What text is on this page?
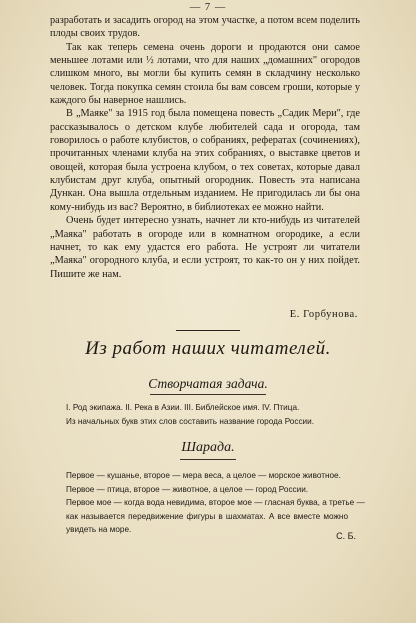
— 7 —

разработать и засадить огород на этом участке, а потом всем поделить плоды своих трудов.

Так как теперь семена очень дороги и продаются они самое меньшее лотами или ½ лотами, что для наших „домашних" огородов слишком много, вы могли бы купить семян в складчину несколько человек. Тогда покупка семян стоила бы вам совсем гроши, которые у каждого бы наверное нашлись.

В „Маяке" за 1915 год была помещена повесть „Садик Мери", где рассказывалось о детском клубе любителей сада и огорода, там говорилось о работе клубистов, о собраниях, рефератах (сочинениях), прочитанных членами клуба на этих собраниях, о выставке цветов и овощей, которая была устроена клубом, о тех советах, которые давал клубистам друг клуба, опытный огородник. Повесть эта написана Дункан. Она вышла отдельным изданием. Не пригодилась ли бы она кому-нибудь из вас? Вероятно, в библиотеках ее можно найти.

Очень будет интересно узнать, начнет ли кто-нибудь из читателей „Маяка" работать в огороде или в комнатном огородике, а если начнет, то как ему удастся его работа. Не устроят ли читатели „Маяка" огородного клуба, и если устроят, то как-то он у них пойдет. Пишите же нам.

Е. Горбунова.
Из работ наших читателей.
Створчатая задача.
I. Род экипажа. II. Река в Азии. III. Библейское имя. IV. Птица.
Из начальных букв этих слов составить название города России.
Шарада.
Первое — кушанье, второе — мера веса, а целое — морское животное.
Первое — птица, второе — животное, а целое — город России.
Первое мое — когда вода невидима, второе мое — гласная буква, а третье —
как называется передвижение фигуры в шахматах. А все вместе можно увидеть на море.
С. Б.
